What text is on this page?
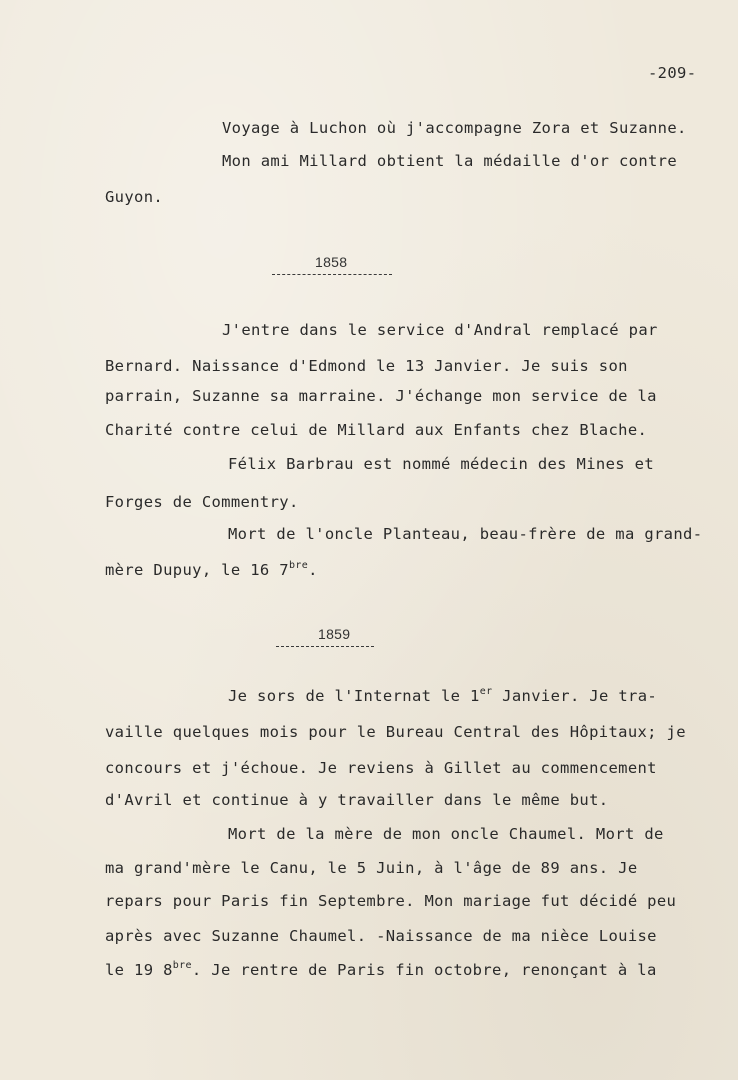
-209-
Voyage à Luchon où j'accompagne Zora et Suzanne.
Mon ami Millard obtient la médaille d'or contre
Guyon.
1858
J'entre dans le service d'Andral remplacé par
Bernard. Naissance d'Edmond le 13 Janvier. Je suis son
parrain, Suzanne sa marraine. J'échange mon service de la
Charité contre celui de Millard aux Enfants chez Blache.
Félix Barbrau est nommé médecin des Mines et
Forges de Commentry.
Mort de l'oncle Planteau, beau-frère de ma grand-
mère Dupuy, le 16 $7^{bre}$.
1859
Je sors de l'Internat le 1er Janvier. Je tra-
vaille quelques mois pour le Bureau Central des Hôpitaux; je
concours et j'échoue. Je reviens à Gillet au commencement
d'Avril et continue à y travailler dans le même but.
Mort de la mère de mon oncle Chaumel. Mort de
ma grand'mère le Canu, le 5 Juin, à l'âge de 89 ans. Je
repars pour Paris fin Septembre. Mon mariage fut décidé peu
après avec Suzanne Chaumel. -Naissance de ma nièce Louise
le 19 $8^{bre}$. Je rentre de Paris fin octobre, renonçant à la
